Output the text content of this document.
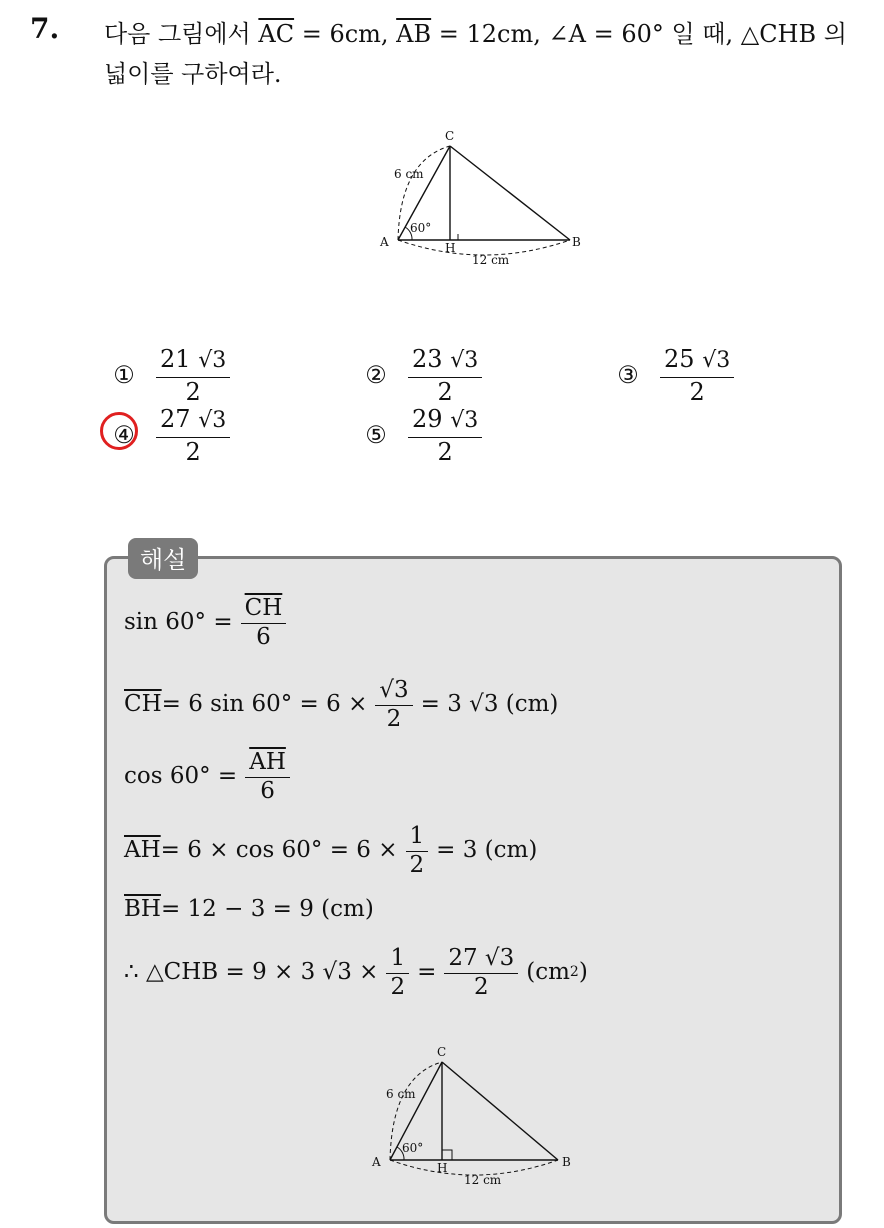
7. 다음 그림에서 $\overline{AC} = 6cm$, $\overline{AB} = 12cm$, ∠A = 60° 일 때, △CHB 의
넓이를 구하여라.
C
A	B
H
6 cm
60°
12 cm
① $\frac{21 √3}{2}$	② $\frac{23 √3}{2}$	③ $\frac{25 √3}{2}$
④ $\frac{27 √3}{2}$	⑤ $\frac{29 √3}{2}$
해설
$\sin 60^\circ = \frac{\overline{CH}}{6}$
$\overline{CH} = 6$ $\sin 60^\circ = 6 \times \frac{√3}{2} = 3$ √3 (cm)
$\cos 60^\circ = \frac{\overline{AH}}{6}$
$\overline{AH} = 6 \times \cos 60^\circ = 6 \times \frac{1}{2} = 3$ (cm)
$\overline{BH} = 12 - 3 = 9$ (cm)
∴ △CHB = 9 × 3 $√3 \times \frac{1}{2} = \frac{27 √3}{2} (cm$ 2 )
C
A	B
H
6 cm
60°
12 cm
